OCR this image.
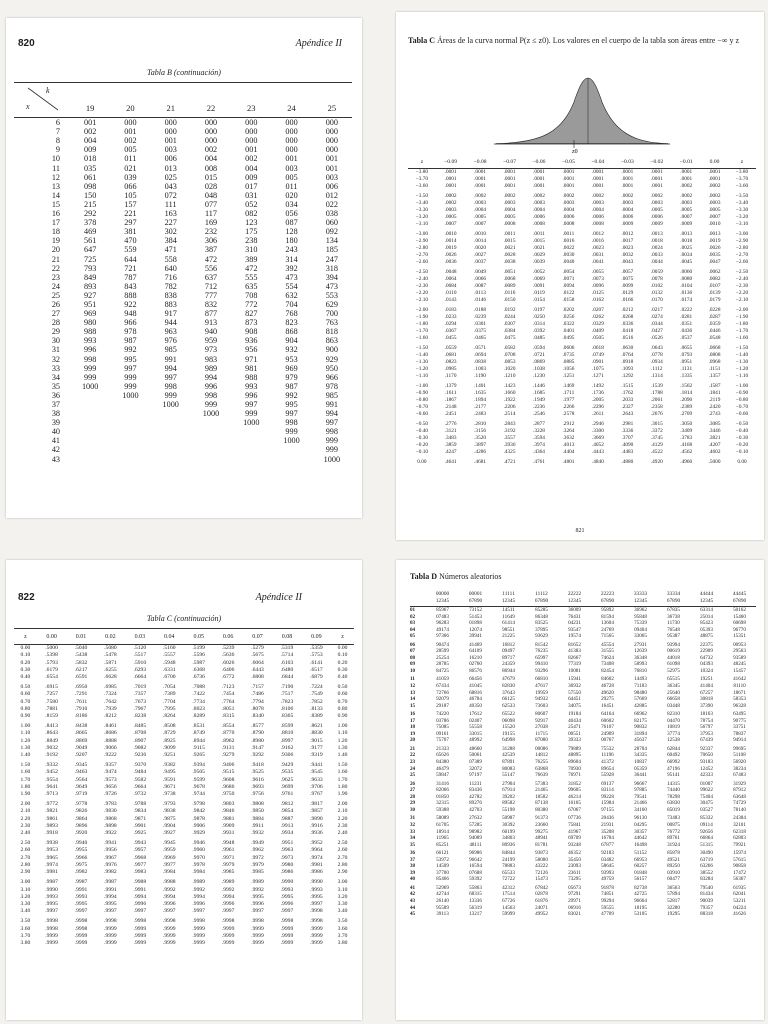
820	Apéndice II
Tabla B (continuación)
k
x
		19	20	21	22	23	24	25
6	001	000	000	000	000	000	000
7	002	001	000	000	000	000	000
8	004	002	001	000	000	000	000
9	009	005	003	002	001	000	000
10	018	011	006	004	002	001	001
11	035	021	013	008	004	003	001
12	061	039	025	015	009	005	003
13	098	066	043	028	017	011	006
14	150	105	072	048	031	020	012
15	215	157	111	077	052	034	022
16	292	221	163	117	082	056	038
17	378	297	227	169	123	087	060
18	469	381	302	232	175	128	092
19	561	470	384	306	238	180	134
20	647	559	471	387	310	243	185
21	725	644	558	472	389	314	247
22	793	721	640	556	472	392	318
23	849	787	716	637	555	473	394
24	893	843	782	712	635	554	473
25	927	888	838	777	708	632	553
26	951	922	883	832	772	704	629
27	969	948	917	877	827	768	700
28	980	966	944	913	873	823	763
29	988	978	963	940	908	868	818
30	993	987	976	959	936	904	863
31	996	992	985	973	956	932	900
32	998	995	991	983	971	953	929
33	999	997	994	989	981	969	950
34	999	999	997	994	988	979	966
35	1000	999	998	996	993	987	978
36		1000	999	998	996	992	985
37			1000	999	997	995	991
38				1000	999	997	994
39					1000	998	997
40						999	998
41						1000	999
42							999
43							1000
Tabla C Áreas de la curva normal P(z ≤ z0). Los valores en el cuerpo de la tabla son áreas entre −∞ y z
z0
z	−0.09	−0.08	−0.07	−0.06	−0.05	−0.04	−0.03	−0.02	−0.01	0.00	z
−3.80	.0001	.0001	.0001	.0001	.0001	.0001	.0001	.0001	.0001	.0001	−3.80
−3.70	.0001	.0001	.0001	.0001	.0001	.0001	.0001	.0001	.0001	.0001	−3.70
−3.60	.0001	.0001	.0001	.0001	.0001	.0001	.0001	.0001	.0002	.0002	−3.60
−3.50	.0002	.0002	.0002	.0002	.0002	.0002	.0002	.0002	.0002	.0002	−3.50
−3.40	.0002	.0003	.0003	.0003	.0003	.0003	.0003	.0003	.0003	.0003	−3.40
−3.30	.0003	.0004	.0004	.0004	.0004	.0004	.0004	.0005	.0005	.0005	−3.30
−3.20	.0005	.0005	.0005	.0006	.0006	.0006	.0006	.0006	.0007	.0007	−3.20
−3.10	.0007	.0007	.0008	.0008	.0008	.0008	.0009	.0009	.0009	.0010	−3.10
−3.00	.0010	.0010	.0011	.0011	.0011	.0012	.0012	.0013	.0013	.0013	−3.00
−2.90	.0014	.0014	.0015	.0015	.0016	.0016	.0017	.0018	.0018	.0019	−2.90
−2.80	.0019	.0020	.0021	.0021	.0022	.0023	.0023	.0024	.0025	.0026	−2.80
−2.70	.0026	.0027	.0028	.0029	.0030	.0031	.0032	.0033	.0034	.0035	−2.70
−2.60	.0036	.0037	.0038	.0039	.0040	.0041	.0043	.0044	.0045	.0047	−2.60
−2.50	.0048	.0049	.0051	.0052	.0054	.0055	.0057	.0059	.0060	.0062	−2.50
−2.40	.0064	.0066	.0068	.0069	.0071	.0073	.0075	.0078	.0080	.0082	−2.40
−2.30	.0084	.0087	.0089	.0091	.0094	.0096	.0099	.0102	.0104	.0107	−2.30
−2.20	.0110	.0113	.0116	.0119	.0122	.0125	.0129	.0132	.0136	.0139	−2.20
−2.10	.0143	.0146	.0150	.0154	.0158	.0162	.0166	.0170	.0174	.0179	−2.10
−2.00	.0183	.0188	.0192	.0197	.0202	.0207	.0212	.0217	.0222	.0228	−2.00
−1.90	.0233	.0239	.0244	.0250	.0256	.0262	.0268	.0274	.0281	.0287	−1.90
−1.80	.0294	.0301	.0307	.0314	.0322	.0329	.0336	.0344	.0351	.0359	−1.80
−1.70	.0367	.0375	.0384	.0392	.0401	.0409	.0418	.0427	.0436	.0446	−1.70
−1.60	.0455	.0465	.0475	.0485	.0495	.0505	.0516	.0526	.0537	.0548	−1.60
−1.50	.0559	.0571	.0582	.0594	.0606	.0618	.0630	.0643	.0655	.0668	−1.50
−1.40	.0681	.0694	.0708	.0721	.0735	.0749	.0764	.0778	.0793	.0808	−1.40
−1.30	.0823	.0838	.0853	.0869	.0885	.0901	.0918	.0934	.0951	.0968	−1.30
−1.20	.0985	.1003	.1020	.1038	.1056	.1075	.1093	.1112	.1131	.1151	−1.20
−1.10	.1170	.1190	.1210	.1230	.1251	.1271	.1292	.1314	.1335	.1357	−1.10
−1.00	.1379	.1401	.1423	.1446	.1469	.1492	.1515	.1539	.1562	.1587	−1.00
−0.90	.1611	.1635	.1660	.1685	.1711	.1736	.1762	.1788	.1814	.1841	−0.90
−0.80	.1867	.1894	.1922	.1949	.1977	.2005	.2033	.2061	.2090	.2119	−0.80
−0.70	.2148	.2177	.2206	.2236	.2266	.2296	.2327	.2358	.2389	.2420	−0.70
−0.60	.2451	.2483	.2514	.2546	.2578	.2611	.2643	.2676	.2709	.2743	−0.60
−0.50	.2776	.2810	.2843	.2877	.2912	.2946	.2981	.3015	.3050	.3085	−0.50
−0.40	.3121	.3156	.3192	.3228	.3264	.3300	.3336	.3372	.3409	.3446	−0.40
−0.30	.3483	.3520	.3557	.3594	.3632	.3669	.3707	.3745	.3783	.3821	−0.30
−0.20	.3859	.3897	.3936	.3974	.4013	.4052	.4090	.4129	.4168	.4207	−0.20
−0.10	.4247	.4286	.4325	.4364	.4404	.4443	.4483	.4522	.4562	.4602	−0.10
0.00	.4641	.4681	.4721	.4761	.4801	.4840	.4880	.4920	.4960	.5000	0.00
821
822	Apéndice II
Tabla C (continuación)
z	0.00	0.01	0.02	0.03	0.04	0.05	0.06	0.07	0.08	0.09	z
0.00	.5000	.5040	.5080	.5120	.5160	.5199	.5239	.5279	.5319	.5359	0.00
0.10	.5398	.5438	.5478	.5517	.5557	.5596	.5636	.5675	.5714	.5753	0.10
0.20	.5793	.5832	.5871	.5910	.5948	.5987	.6026	.6064	.6103	.6141	0.20
0.30	.6179	.6217	.6255	.6293	.6331	.6368	.6406	.6443	.6480	.6517	0.30
0.40	.6554	.6591	.6628	.6664	.6700	.6736	.6772	.6808	.6844	.6879	0.40
0.50	.6915	.6950	.6985	.7019	.7054	.7088	.7123	.7157	.7190	.7224	0.50
0.60	.7257	.7291	.7324	.7357	.7389	.7422	.7454	.7486	.7517	.7549	0.60
0.70	.7580	.7611	.7642	.7673	.7704	.7734	.7764	.7794	.7823	.7852	0.70
0.80	.7881	.7910	.7939	.7967	.7995	.8023	.8051	.8078	.8106	.8133	0.80
0.90	.8159	.8186	.8212	.8238	.8264	.8289	.8315	.8340	.8365	.8389	0.90
1.00	.8413	.8438	.8461	.8485	.8508	.8531	.8554	.8577	.8599	.8621	1.00
1.10	.8643	.8665	.8686	.8708	.8729	.8749	.8770	.8790	.8810	.8830	1.10
1.20	.8849	.8869	.8888	.8907	.8925	.8944	.8962	.8980	.8997	.9015	1.20
1.30	.9032	.9049	.9066	.9082	.9099	.9115	.9131	.9147	.9162	.9177	1.30
1.40	.9192	.9207	.9222	.9236	.9251	.9265	.9279	.9292	.9306	.9319	1.40
1.50	.9332	.9345	.9357	.9370	.9382	.9394	.9406	.9418	.9429	.9441	1.50
1.60	.9452	.9463	.9474	.9484	.9495	.9505	.9515	.9525	.9535	.9545	1.60
1.70	.9554	.9564	.9573	.9582	.9591	.9599	.9608	.9616	.9625	.9633	1.70
1.80	.9641	.9649	.9656	.9664	.9671	.9678	.9686	.9693	.9699	.9706	1.80
1.90	.9713	.9719	.9726	.9732	.9738	.9744	.9750	.9756	.9761	.9767	1.90
2.00	.9772	.9778	.9783	.9788	.9793	.9798	.9803	.9808	.9812	.9817	2.00
2.10	.9821	.9826	.9830	.9834	.9838	.9842	.9846	.9850	.9854	.9857	2.10
2.20	.9861	.9864	.9868	.9871	.9875	.9878	.9881	.9884	.9887	.9890	2.20
2.30	.9893	.9896	.9898	.9901	.9904	.9906	.9909	.9911	.9913	.9916	2.30
2.40	.9918	.9920	.9922	.9925	.9927	.9929	.9931	.9932	.9934	.9936	2.40
2.50	.9938	.9940	.9941	.9943	.9945	.9946	.9948	.9949	.9951	.9952	2.50
2.60	.9953	.9955	.9956	.9957	.9959	.9960	.9961	.9962	.9963	.9964	2.60
2.70	.9965	.9966	.9967	.9968	.9969	.9970	.9971	.9972	.9973	.9974	2.70
2.80	.9974	.9975	.9976	.9977	.9977	.9978	.9979	.9979	.9980	.9981	2.80
2.90	.9981	.9982	.9982	.9983	.9984	.9984	.9985	.9985	.9986	.9986	2.90
3.00	.9987	.9987	.9987	.9988	.9988	.9989	.9989	.9989	.9990	.9990	3.00
3.10	.9990	.9991	.9991	.9991	.9992	.9992	.9992	.9992	.9993	.9993	3.10
3.20	.9993	.9993	.9994	.9994	.9994	.9994	.9994	.9995	.9995	.9995	3.20
3.30	.9995	.9995	.9995	.9996	.9996	.9996	.9996	.9996	.9996	.9997	3.30
3.40	.9997	.9997	.9997	.9997	.9997	.9997	.9997	.9997	.9997	.9998	3.40
3.50	.9998	.9998	.9998	.9998	.9998	.9998	.9998	.9998	.9998	.9998	3.50
3.60	.9998	.9998	.9999	.9999	.9999	.9999	.9999	.9999	.9999	.9999	3.60
3.70	.9999	.9999	.9999	.9999	.9999	.9999	.9999	.9999	.9999	.9999	3.70
3.80	.9999	.9999	.9999	.9999	.9999	.9999	.9999	.9999	.9999	.9999	3.80
Tabla D Números aleatorios
	00000	00001	11111	11112	22222	22223	33333	33334	44444	44445
	12345	67890	12345	67890	12345	67890	12345	67890	12345	67890
01	85967	73152	14511	85285	36009	95892	36962	67835	63314	50162
02	07483	51453	11649	86348	76431	81594	95848	36738	25014	15460
03	96283	01898	61414	83525	04231	13604	75339	11730	85423	60698
04	49174	12074	98551	37895	93547	24769	09404	76548	05393	96770
05	97366	39941	21225	93629	19574	71565	33065	95387	48875	15351
06	90474	41469	16812	81542	81652	45554	27931	93994	22375	00953
07	28599	64109	09497	76235	41383	31555	12639	00619	22909	29563
08	25254	16210	89717	65997	82667	74624	36348	44018	64732	93589
09	28785	02760	24359	99410	77319	73408	58993	61098	04393	48245
10	84725	86576	86944	93296	10081	82454	76810	52975	10324	15457
11	41059	66456	47679	66810	15941	84602	14493	65515	19251	41642
12	67434	41045	82830	47617	36932	46728	71183	36345	41404	81110
13	72766	68816	37643	19959	57550	49620	98480	25640	67257	18671
14	92079	46784	66125	94932	64451	29275	57669	66658	30818	58353
15	29187	40350	62533	73603	34075	16451	42885	03448	37390	96328
16	74220	17612	65522	80607	19184	64164	66962	82310	18163	63495
17	03786	02407	06098	92917	40434	60602	82175	04470	78754	90775
18	75085	55558	15520	27038	25471	76107	90832	10819	56797	33751
19	09161	33015	19155	11715	00551	24909	31894	37774	37953	78837
20	75707	48992	64998	87080	39333	00767	45637	12538	67439	94914
21	21333	48660	31288	00086	79889	75532	28704	62844	92337	99695
22	65626	50061	42539	14812	48895	11196	34335	60492	70650	51108
23	84380	07389	87891	76255	89604	41372	10837	66992	93183	56920
24	46479	32072	80083	63868	70930	89654	05359	47196	12452	38234
25	59847	97197	55147	76639	76971	55928	36441	95141	42333	67483
26	31416	11231	27904	57383	31852	69137	96667	14315	01007	31929
27	82066	83436	67914	21465	99605	83114	97885	74440	99622	87912
28	01850	42782	39202	18582	46214	99228	79541	78298	75404	63648
29	32315	89276	89582	87138	16165	15984	21466	63830	30475	74729
30	59388	42703	55198	80380	67067	97155	34160	85019	03527	78140
31	58089	27632	50987	91373	07736	20436	96130	73483	85332	24384
32	61705	57285	30392	23660	75841	21931	04295	00875	09114	32101
33	18914	98982	60199	99275	41967	35208	30357	76772	92656	62318
34	11965	94089	34803	48941	69709	16784	44642	89761	66864	62803
35	85251	48111	80936	81781	93248	67877	16498	31924	51315	79921
36	66121	96986	84844	93873	46352	92183	51152	85878	30490	15974
37	53972	96642	24199	58080	35450	03482	66953	49521	63719	57615
38	14509	16594	78883	43222	23093	58645	60257	89250	63266	90858
39	37700	07688	65533	72126	23611	93993	01848	03910	38552	17472
40	85466	59392	72722	15473	73295	49759	56157	60477	83284	56367
41	52969	55863	42312	67842	05673	91878	82738	36563	79540	61935
42	42744	68315	17514	02878	97291	74851	42725	57894	81434	62041
43	26140	13336	67726	61876	29971	99294	96664	52817	90039	53211
44	95589	56319	14563	24071	06916	59555	18195	32280	79357	04224
45	39113	13217	59999	49952	83021	47709	53105	19295	88318	41626
